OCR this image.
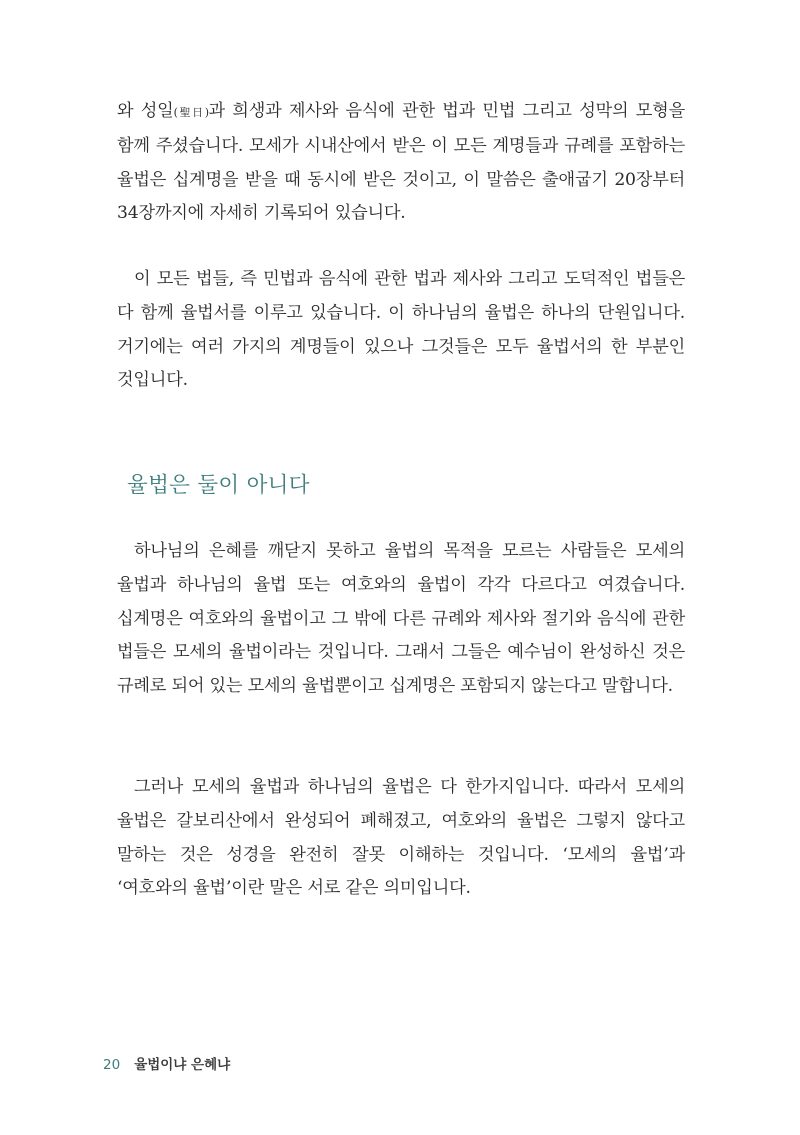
와 성일(聖日)과 희생과 제사와 음식에 관한 법과 민법 그리고 성막의 모형을 함께 주셨습니다. 모세가 시내산에서 받은 이 모든 계명들과 규례를 포함하는 율법은 십계명을 받을 때 동시에 받은 것이고, 이 말씀은 출애굽기 20장부터 34장까지에 자세히 기록되어 있습니다.

이 모든 법들, 즉 민법과 음식에 관한 법과 제사와 그리고 도덕적인 법들은 다 함께 율법서를 이루고 있습니다. 이 하나님의 율법은 하나의 단원입니다. 거기에는 여러 가지의 계명들이 있으나 그것들은 모두 율법서의 한 부분인 것입니다.

율법은 둘이 아니다

하나님의 은혜를 깨닫지 못하고 율법의 목적을 모르는 사람들은 모세의 율법과 하나님의 율법 또는 여호와의 율법이 각각 다르다고 여겼습니다. 십계명은 여호와의 율법이고 그 밖에 다른 규례와 제사와 절기와 음식에 관한 법들은 모세의 율법이라는 것입니다. 그래서 그들은 예수님이 완성하신 것은 규례로 되어 있는 모세의 율법뿐이고 십계명은 포함되지 않는다고 말합니다.

그러나 모세의 율법과 하나님의 율법은 다 한가지입니다. 따라서 모세의 율법은 갈보리산에서 완성되어 폐해졌고, 여호와의 율법은 그렇지 않다고 말하는 것은 성경을 완전히 잘못 이해하는 것입니다. ‘모세의 율법’과 ‘여호와의 율법’이란 말은 서로 같은 의미입니다.

20 율법이냐 은혜냐
